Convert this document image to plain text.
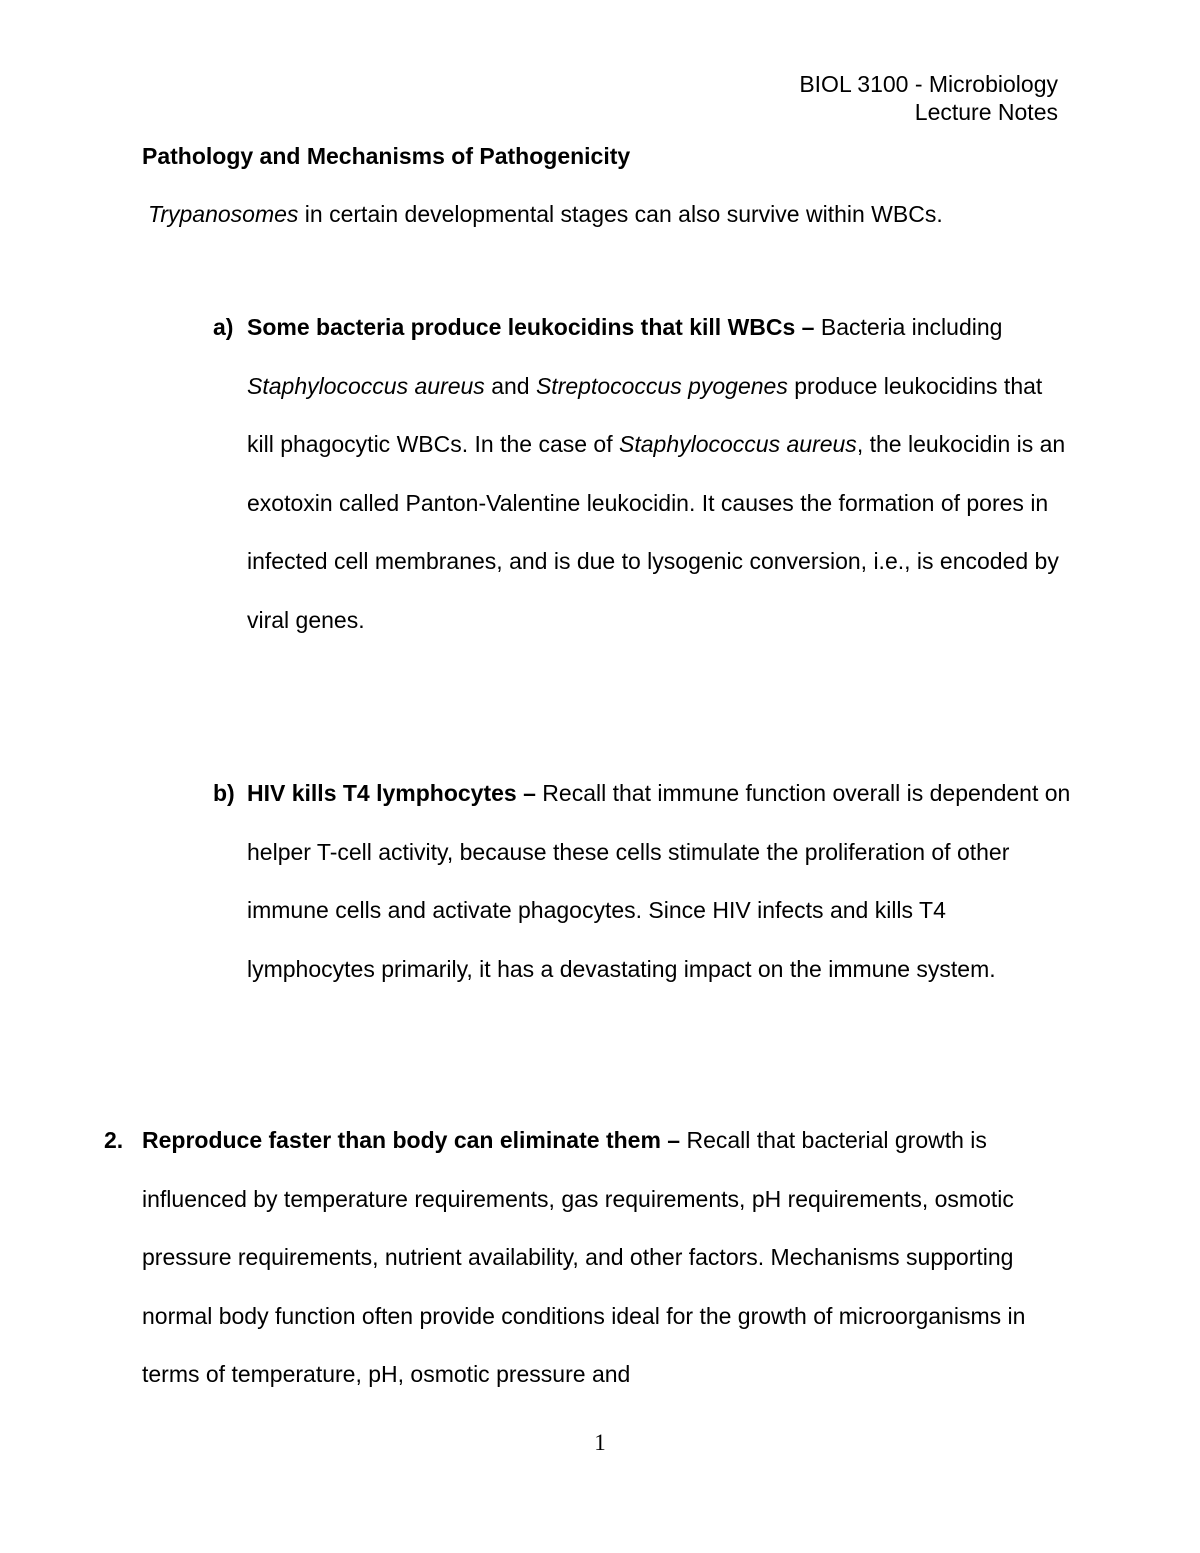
BIOL 3100 - Microbiology
Lecture Notes
Pathology and Mechanisms of Pathogenicity
Trypanosomes in certain developmental stages can also survive within WBCs.
a) Some bacteria produce leukocidins that kill WBCs – Bacteria including Staphylococcus aureus and Streptococcus pyogenes produce leukocidins that kill phagocytic WBCs. In the case of Staphylococcus aureus, the leukocidin is an exotoxin called Panton-Valentine leukocidin. It causes the formation of pores in infected cell membranes, and is due to lysogenic conversion, i.e., is encoded by viral genes.
b) HIV kills T4 lymphocytes – Recall that immune function overall is dependent on helper T-cell activity, because these cells stimulate the proliferation of other immune cells and activate phagocytes. Since HIV infects and kills T4 lymphocytes primarily, it has a devastating impact on the immune system.
2. Reproduce faster than body can eliminate them – Recall that bacterial growth is influenced by temperature requirements, gas requirements, pH requirements, osmotic pressure requirements, nutrient availability, and other factors. Mechanisms supporting normal body function often provide conditions ideal for the growth of microorganisms in terms of temperature, pH, osmotic pressure and
1
